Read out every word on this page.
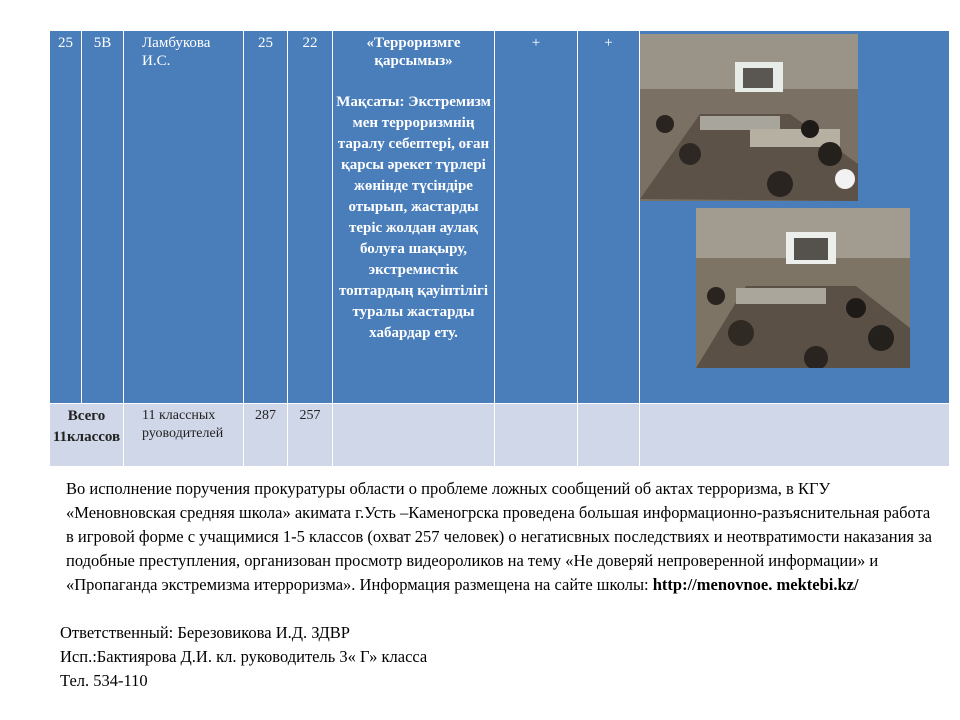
25	5В	Ламбукова И.С.	25	22	«Терроризмге қарсымыз»
Мақсаты: Экстремизм мен терроризмнің таралу себептері, оған қарсы әрекет түрлері жөнінде түсіндіре отырып, жастарды теріс жолдан аулақ болуға шақыру, экстремистік топтардың қауіптілігі туралы жастарды хабардар ету.	+	+

Всего 11классов		11 классных руоводителей	287	257				

Во исполнение поручения прокуратуры области о проблеме ложных сообщений об актах терроризма, в КГУ «Меновновская средняя школа» акимата г.Усть –Каменогрска проведена большая информационно-разъяснительная работа в игровой форме с учащимися 1-5 классов (охват 257 человек) о негатисвных последствиях и неотвратимости наказания за подобные преступления, организован просмотр видеороликов на тему «Не доверяй непроверенной информации» и «Пропаганда экстремизма итерроризма». Информация размещена на сайте школы: http://menovnoe. mektebi.kz/

Ответственный: Березовикова И.Д. ЗДВР

Исп.:Бактиярова Д.И. кл. руководитель 3« Г» класса

Тел. 534-110
